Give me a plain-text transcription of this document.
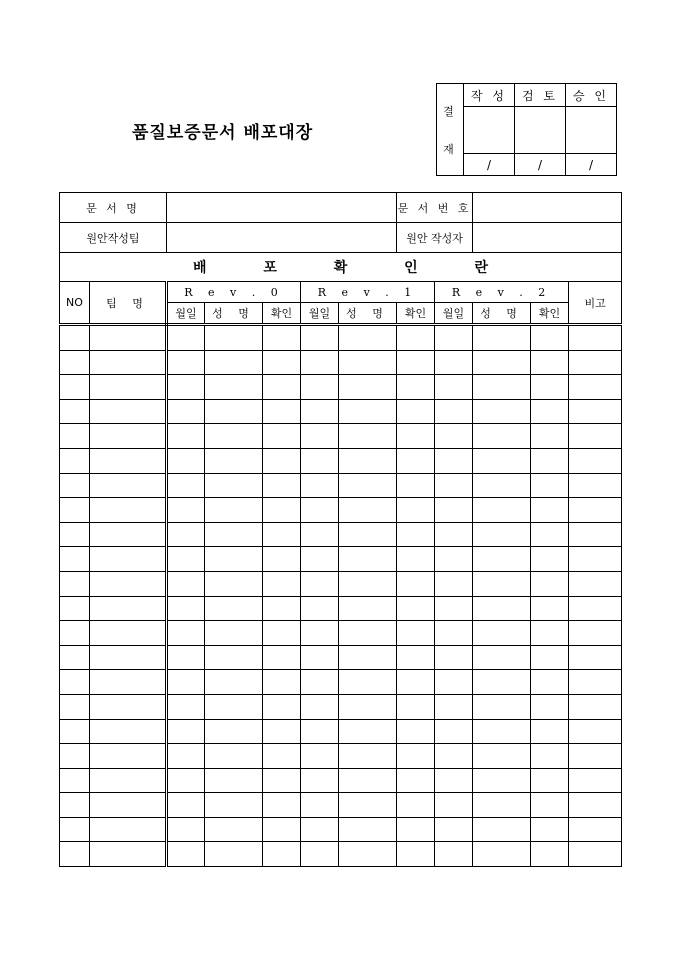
품질보증문서 배포대장
결
재	작 성	검 토	승 인

	/	/	/
문 서 명							문 서 번 호				
원안작성팀							원안 작성자				
배 포 확 인 란											
NO	팀 명	R e v . 0			R e v . 1			R e v . 2			비고
		월일	성 명	확인	월일	성 명	확인	월일	성 명	확인	
